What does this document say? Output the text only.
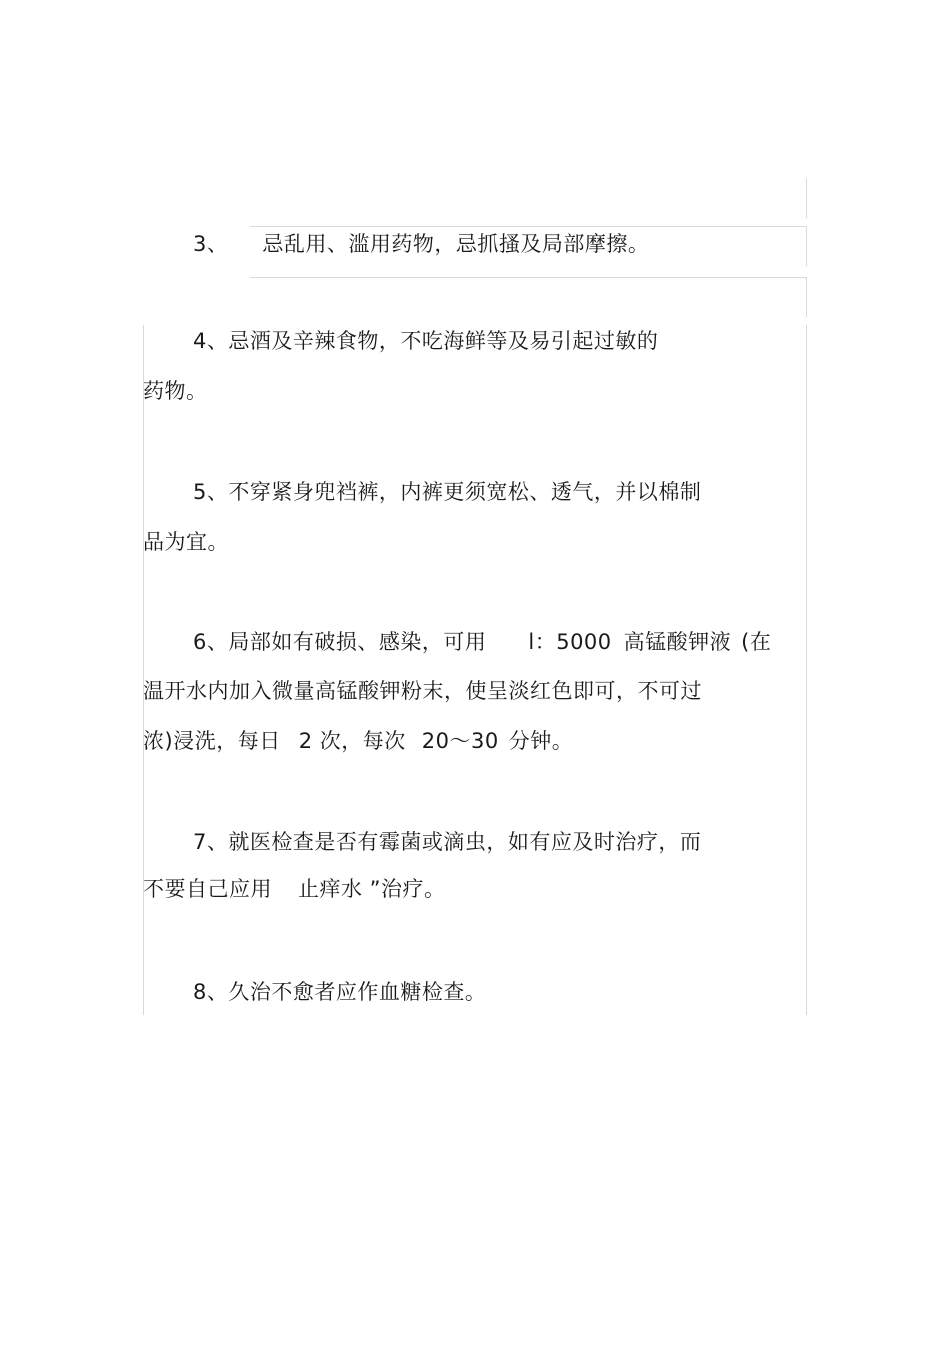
3、 忌乱用、滥用药物，忌抓搔及局部摩擦。
4、忌酒及辛辣食物，不吃海鲜等及易引起过敏的
药物。
5、不穿紧身兜裆裤，内裤更须宽松、透气，并以棉制
品为宜。
6、局部如有破损、感染，可用 l：5000 高锰酸钾液 (在
温开水内加入微量高锰酸钾粉末，使呈淡红色即可，不可过
浓)浸洗，每日 2 次，每次 20～30 分钟。
7、就医检查是否有霉菌或滴虫，如有应及时治疗，而
不要自己应用 止痒水 ”治疗。
8、久治不愈者应作血糖检查。
